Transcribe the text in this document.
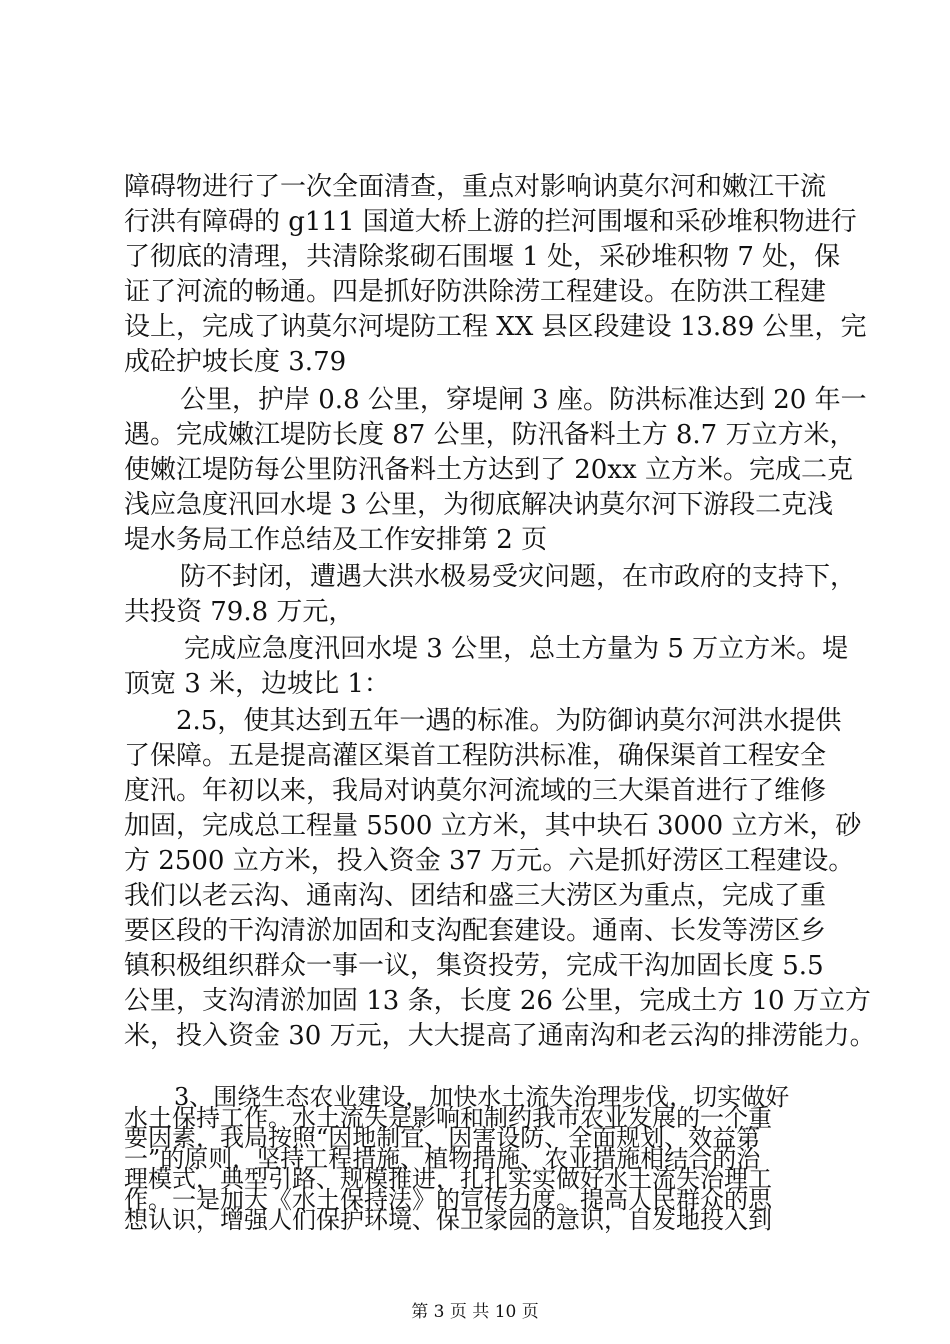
障碍物进行了一次全面清查，重点对影响讷莫尔河和嫩江干流
行洪有障碍的 g111 国道大桥上游的拦河围堰和采砂堆积物进行
了彻底的清理，共清除浆砌石围堰 1 处，采砂堆积物 7 处，保
证了河流的畅通。四是抓好防洪除涝工程建设。在防洪工程建
设上，完成了讷莫尔河堤防工程 XX 县区段建设 13.89 公里，完
成砼护坡长度 3.79
公里，护岸 0.8 公里，穿堤闸 3 座。防洪标准达到 20 年一
遇。完成嫩江堤防长度 87 公里，防汛备料土方 8.7 万立方米，
使嫩江堤防每公里防汛备料土方达到了 20xx 立方米。完成二克
浅应急度汛回水堤 3 公里，为彻底解决讷莫尔河下游段二克浅
堤水务局工作总结及工作安排第 2 页
防不封闭，遭遇大洪水极易受灾问题，在市政府的支持下，
共投资 79.8 万元，
完成应急度汛回水堤 3 公里，总土方量为 5 万立方米。堤
顶宽 3 米，边坡比 1：
2.5，使其达到五年一遇的标准。为防御讷莫尔河洪水提供
了保障。五是提高灌区渠首工程防洪标准，确保渠首工程安全
度汛。年初以来，我局对讷莫尔河流域的三大渠首进行了维修
加固，完成总工程量 5500 立方米，其中块石 3000 立方米，砂
方 2500 立方米，投入资金 37 万元。六是抓好涝区工程建设。
我们以老云沟、通南沟、团结和盛三大涝区为重点，完成了重
要区段的干沟清淤加固和支沟配套建设。通南、长发等涝区乡
镇积极组织群众一事一议，集资投劳，完成干沟加固长度 5.5
公里，支沟清淤加固 13 条，长度 26 公里，完成土方 10 万立方
米，投入资金 30 万元，大大提高了通南沟和老云沟的排涝能力。
3、围绕生态农业建设，加快水土流失治理步伐，切实做好
水土保持工作。水土流失是影响和制约我市农业发展的一个重
要因素，我局按照“因地制宜、因害设防、全面规划、效益第
一”的原则，坚持工程措施、植物措施、农业措施相结合的治
理模式，典型引路、规模推进，扎扎实实做好水土流失治理工
作。一是加大《水土保持法》的宣传力度。提高人民群众的思
想认识，增强人们保护环境、保卫家园的意识，自发地投入到
第 3 页 共 10 页
